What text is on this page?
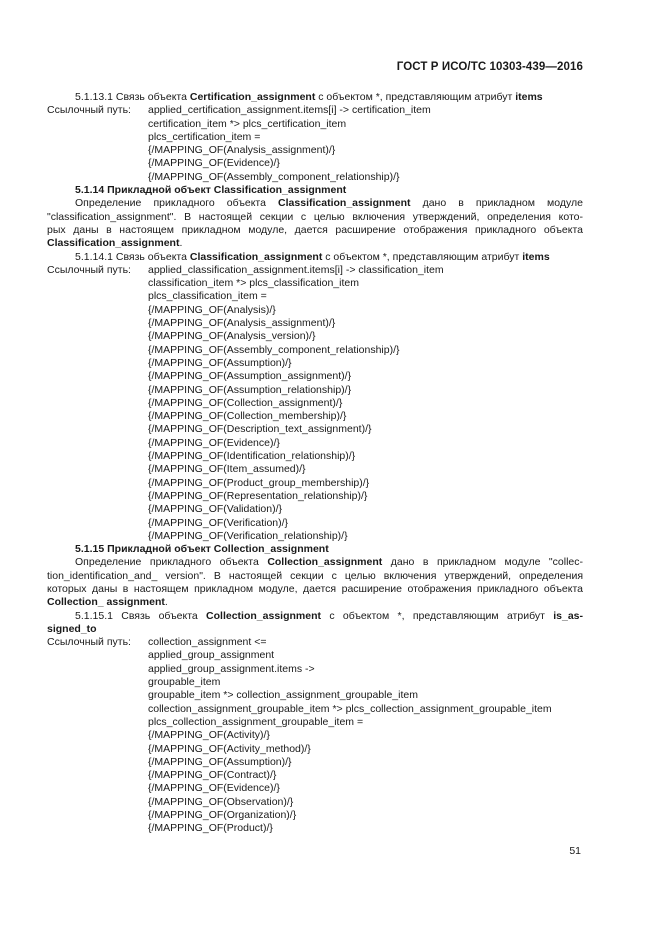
ГОСТ Р ИСО/ТС 10303-439—2016
5.1.13.1 Связь объекта Certification_assignment с объектом *, представляющим атрибут items
Ссылочный путь: applied_certification_assignment.items[i] -> certification_item
certification_item *> plcs_certification_item
plcs_certification_item =
{/MAPPING_OF(Analysis_assignment)/}
{/MAPPING_OF(Evidence)/}
{/MAPPING_OF(Assembly_component_relationship)/}
5.1.14 Прикладной объект Classification_assignment
Определение прикладного объекта Classification_assignment дано в прикладном модуле
"classification_assignment". В настоящей секции с целью включения утверждений, определения кото-
рых даны в настоящем прикладном модуле, дается расширение отображения прикладного объекта
Classification_assignment.
5.1.14.1 Связь объекта Classification_assignment с объектом *, представляющим атрибут items
Ссылочный путь: applied_classification_assignment.items[i] -> classification_item
classification_item *> plcs_classification_item
plcs_classification_item =
{/MAPPING_OF(Analysis)/}
{/MAPPING_OF(Analysis_assignment)/}
{/MAPPING_OF(Analysis_version)/}
{/MAPPING_OF(Assembly_component_relationship)/}
{/MAPPING_OF(Assumption)/}
{/MAPPING_OF(Assumption_assignment)/}
{/MAPPING_OF(Assumption_relationship)/}
{/MAPPING_OF(Collection_assignment)/}
{/MAPPING_OF(Collection_membership)/}
{/MAPPING_OF(Description_text_assignment)/}
{/MAPPING_OF(Evidence)/}
{/MAPPING_OF(Identification_relationship)/}
{/MAPPING_OF(Item_assumed)/}
{/MAPPING_OF(Product_group_membership)/}
{/MAPPING_OF(Representation_relationship)/}
{/MAPPING_OF(Validation)/}
{/MAPPING_OF(Verification)/}
{/MAPPING_OF(Verification_relationship)/}
5.1.15 Прикладной объект Collection_assignment
Определение прикладного объекта Collection_assignment дано в прикладном модуле "collec-
tion_identification_and_ version". В настоящей секции с целью включения утверждений, определения
которых даны в настоящем прикладном модуле, дается расширение отображения прикладного объекта
Collection_ assignment.
5.1.15.1 Связь объекта Collection_assignment с объектом *, представляющим атрибут is_as-
signed_to
Ссылочный путь: collection_assignment <=
applied_group_assignment
applied_group_assignment.items ->
groupable_item
groupable_item *> collection_assignment_groupable_item
collection_assignment_groupable_item *> plcs_collection_assignment_groupable_item
plcs_collection_assignment_groupable_item =
{/MAPPING_OF(Activity)/}
{/MAPPING_OF(Activity_method)/}
{/MAPPING_OF(Assumption)/}
{/MAPPING_OF(Contract)/}
{/MAPPING_OF(Evidence)/}
{/MAPPING_OF(Observation)/}
{/MAPPING_OF(Organization)/}
{/MAPPING_OF(Product)/}
51
